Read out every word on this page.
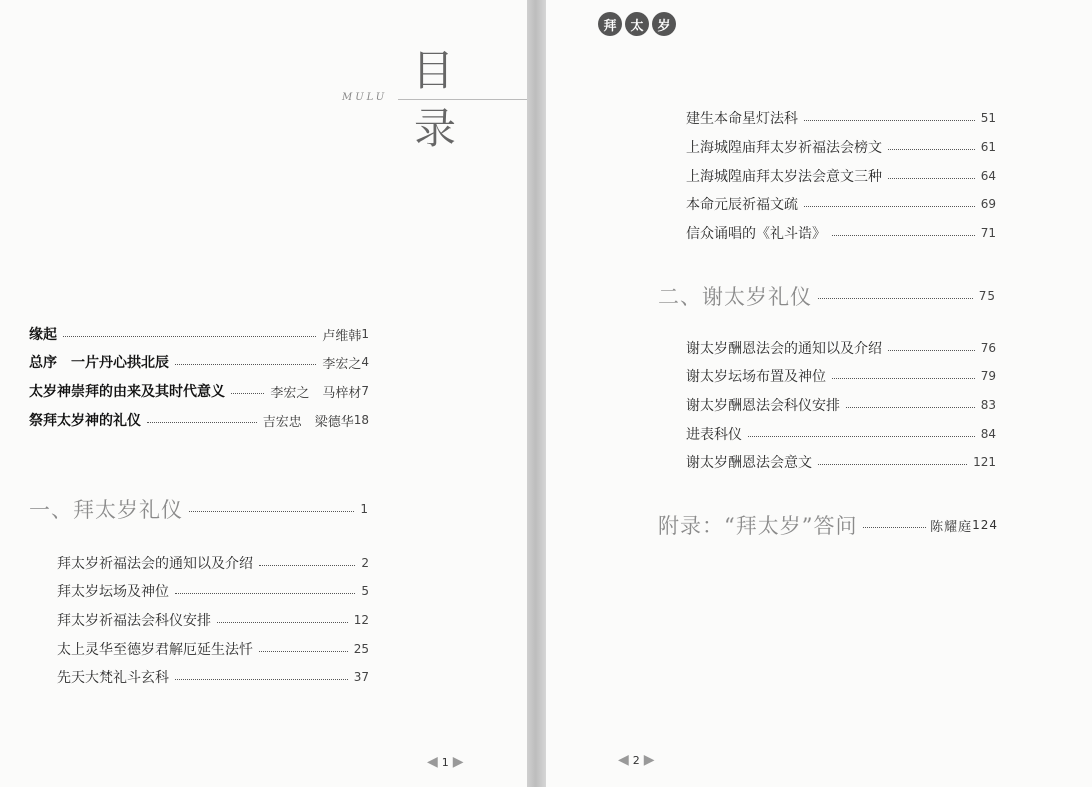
目
录
MULU
缘起	卢维韩 1
总序　一片丹心拱北辰	李宏之 4
太岁神崇拜的由来及其时代意义	李宏之　马梓材 7
祭拜太岁神的礼仪	吉宏忠　梁德华 18
一、拜太岁礼仪	1
拜太岁祈福法会的通知以及介绍	2
拜太岁坛场及神位	5
拜太岁祈福法会科仪安排	12
太上灵华至德岁君解厄延生法忏	25
先天大梵礼斗玄科	37
◀ 1 ▶
拜	太	岁
建生本命星灯法科	51
上海城隍庙拜太岁祈福法会榜文	61
上海城隍庙拜太岁法会意文三种	64
本命元辰祈福文疏	69
信众诵唱的《礼斗诰》	71
二、谢太岁礼仪	75
谢太岁酬恩法会的通知以及介绍	76
谢太岁坛场布置及神位	79
谢太岁酬恩法会科仪安排	83
进表科仪	84
谢太岁酬恩法会意文	121
附录：“拜太岁”答问	陈耀庭 124
◀ 2 ▶
